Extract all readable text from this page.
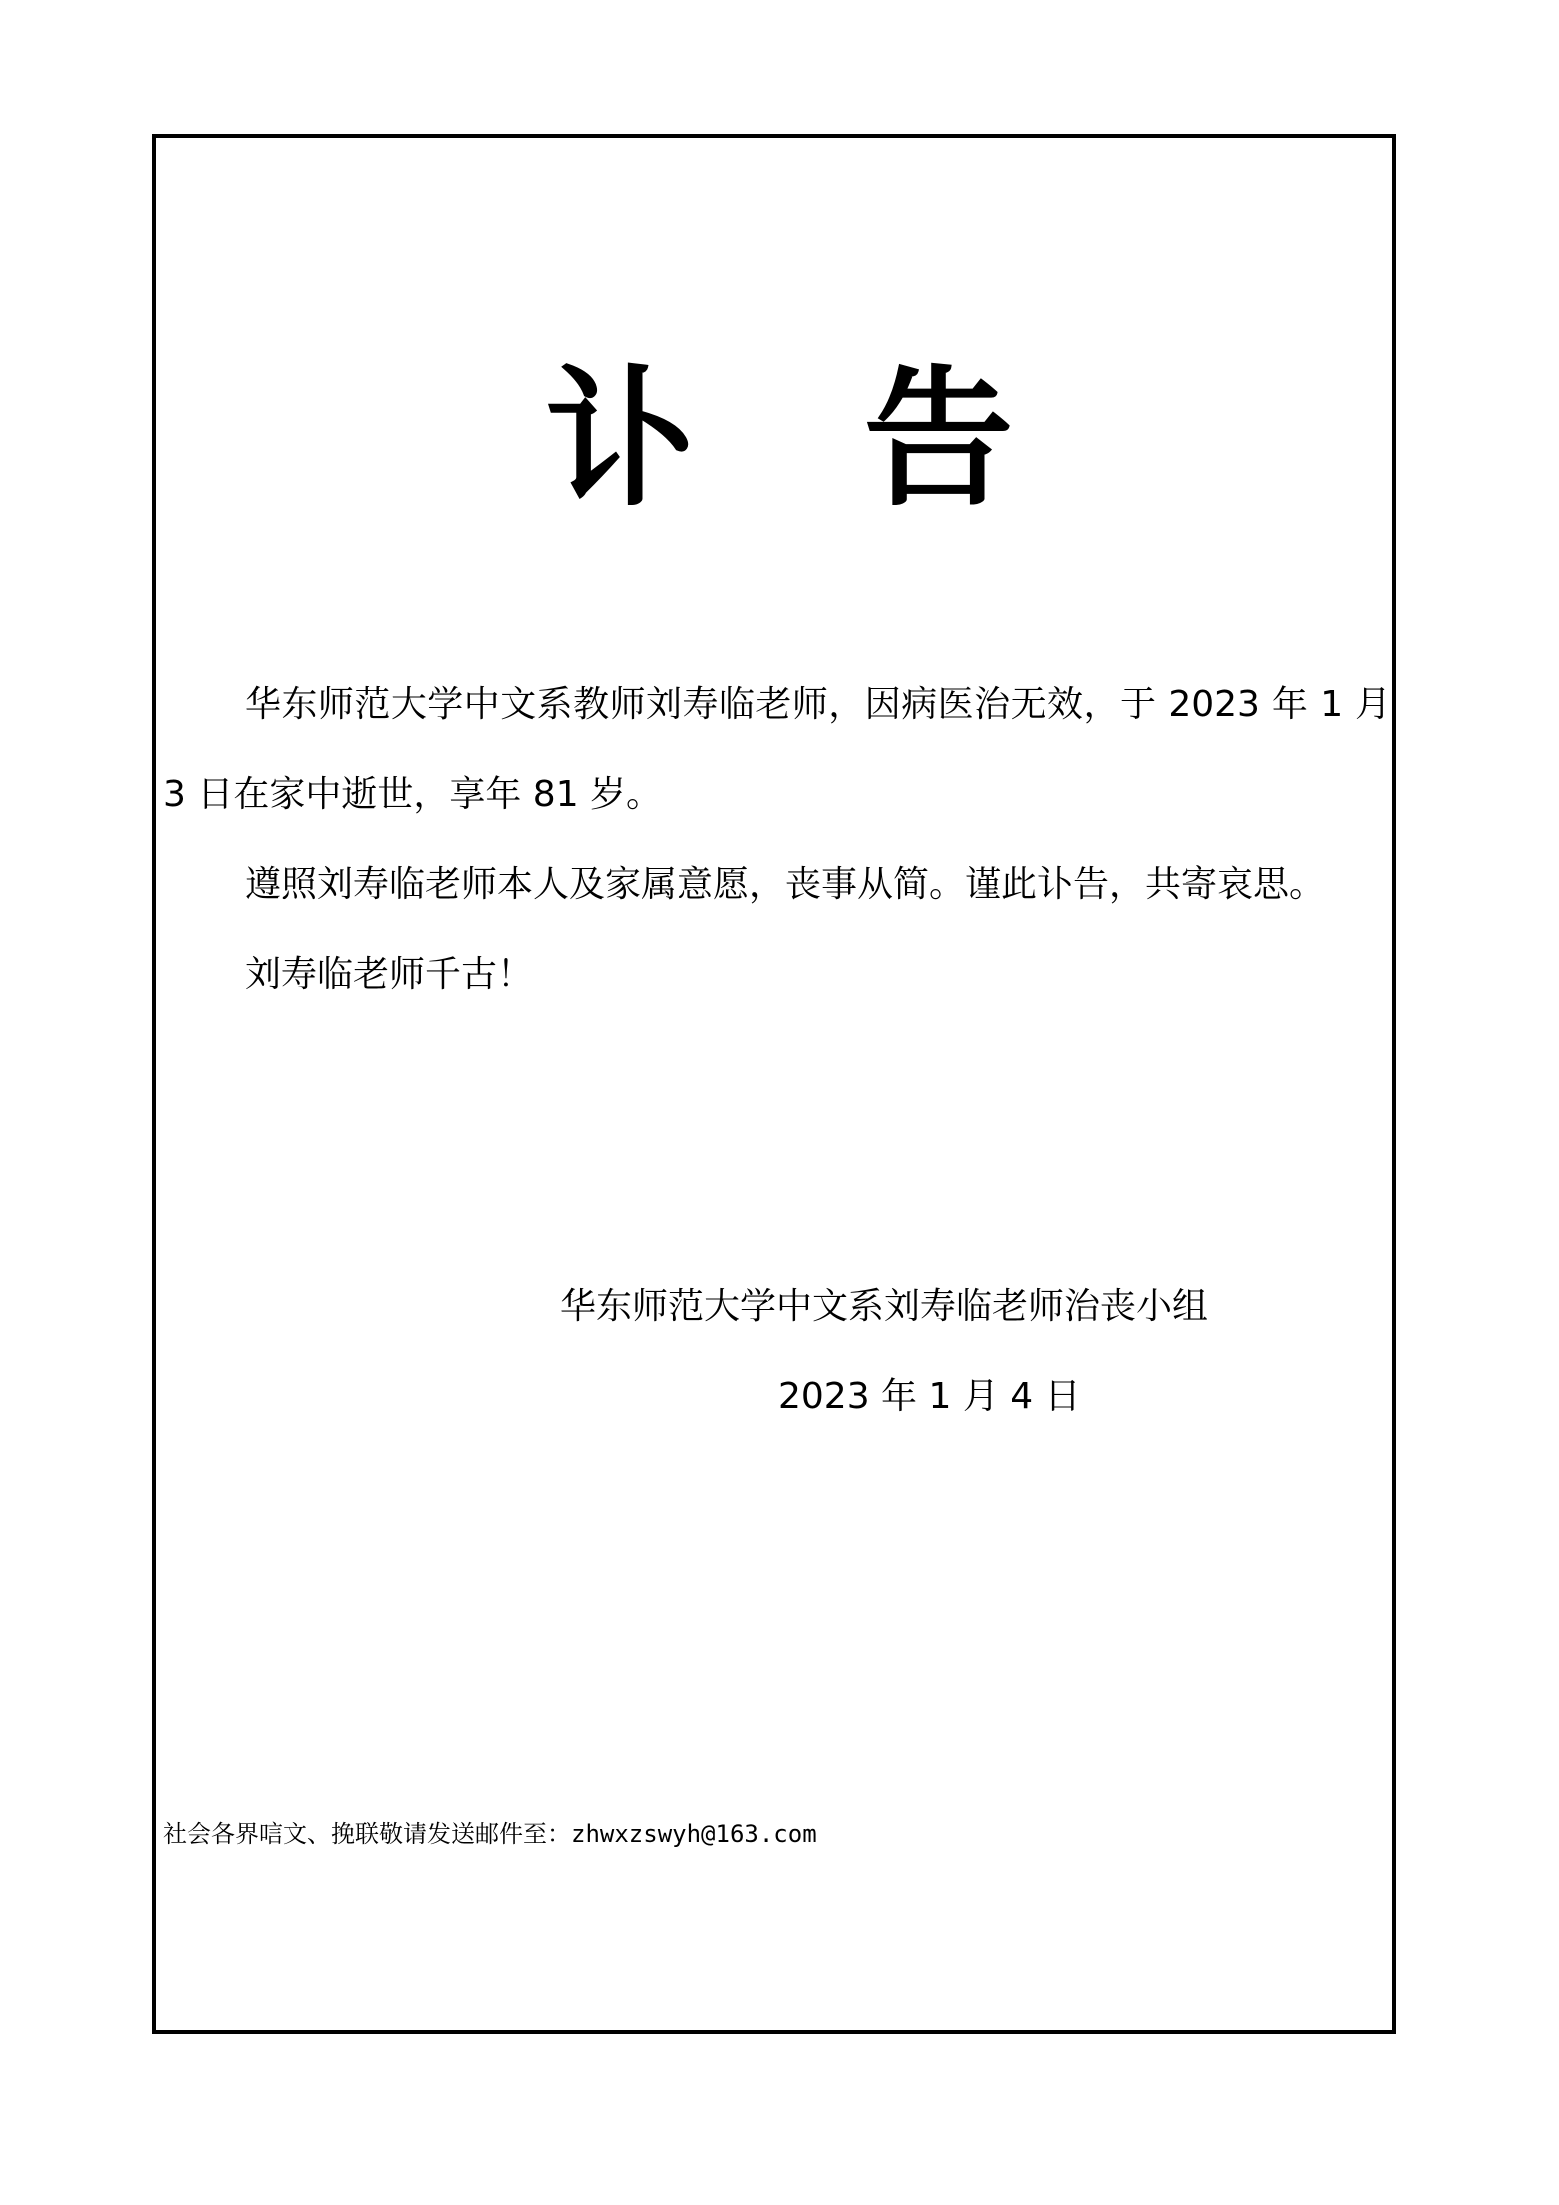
讣 告

华东师范大学中文系教师刘寿临老师，因病医治无效，于 2023 年 1 月 3 日在家中逝世，享年 81 岁。

遵照刘寿临老师本人及家属意愿，丧事从简。谨此讣告，共寄哀思。

刘寿临老师千古！

华东师范大学中文系刘寿临老师治丧小组
2023 年 1 月 4 日
社会各界唁文、挽联敬请发送邮件至：zhwxzswyh@163.com
